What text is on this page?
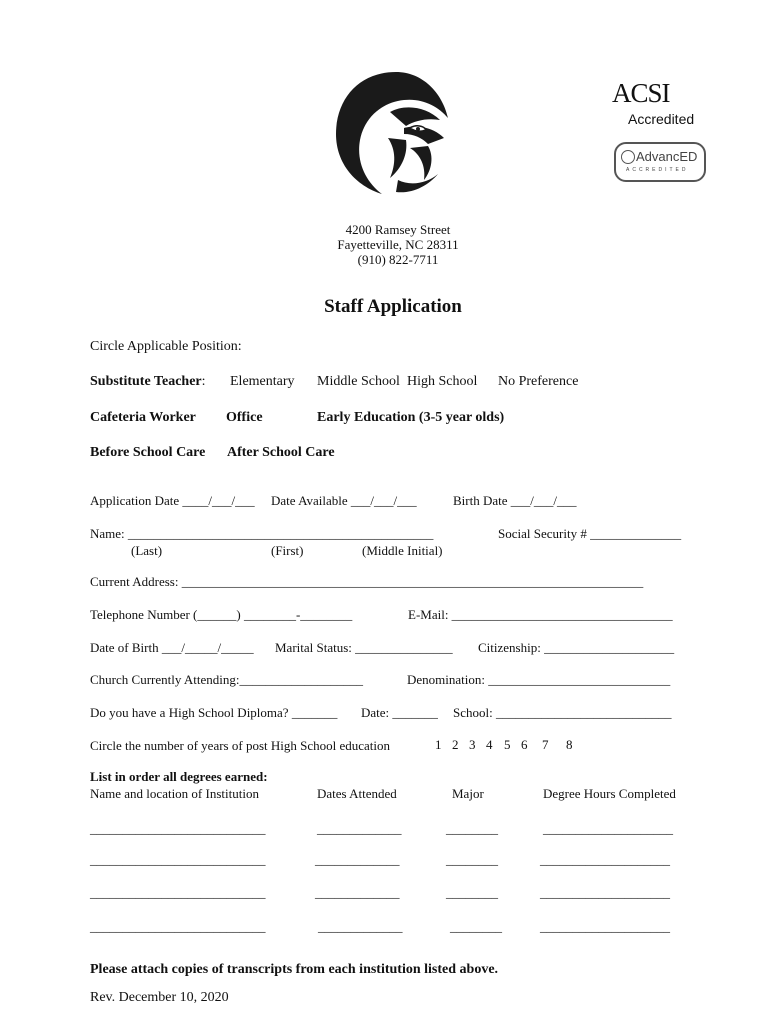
ACSI
Accredited
AdvancED
ACCREDITED
4200 Ramsey Street
Fayetteville, NC 28311
(910) 822-7711
Staff Application
Circle Applicable Position:
Substitute Teacher: Elementary Middle School High School No Preference
Cafeteria Worker Office	Early Education (3-5 year olds)
Before School Care After School Care
Application Date ____/___/___ Date Available ___/___/___	Birth Date ___/___/___
Name: _______________________________________________	Social Security # ______________
(Last)	(First)	(Middle Initial)
Current Address: _______________________________________________________________________
Telephone Number (______) ________-________	E-Mail: __________________________________
Date of Birth ___/_____/_____ Marital Status: _______________ Citizenship: ____________________
Church Currently Attending:___________________	Denomination: ____________________________
Do you have a High School Diploma? _______ Date: _______ School: ___________________________
Circle the number of years of post High School education	1 2 3 4 5 6 7 8
List in order all degrees earned:
Name and location of Institution	Dates Attended	Major	Degree Hours Completed
___________________________	_____________	________	____________________
___________________________	_____________	________	____________________
___________________________	_____________	________	____________________
___________________________	_____________	________	____________________
Please attach copies of transcripts from each institution listed above.
Rev. December 10, 2020
